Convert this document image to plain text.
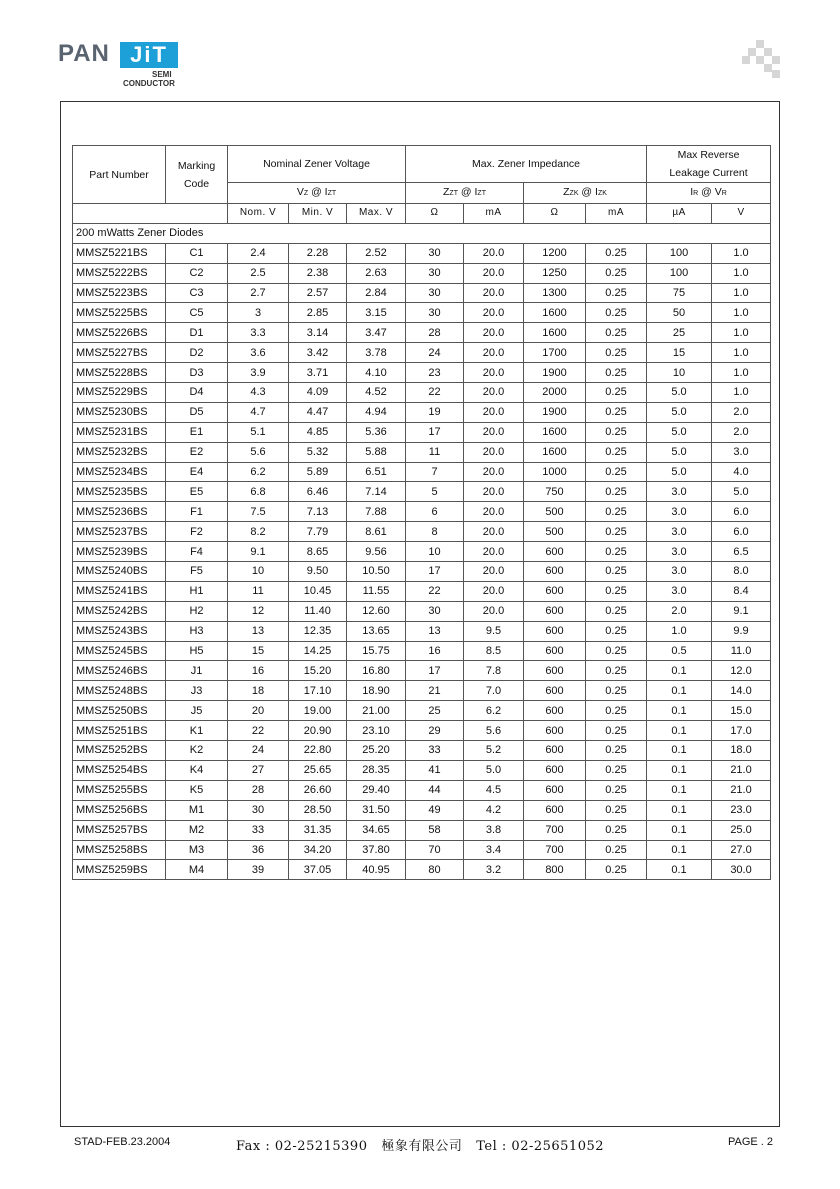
PAN JiT
SEMI
CONDUCTOR
Part Number	Marking
Code	Nominal Zener Voltage			Max. Zener Impedance				Max Reverse
Leakage Current	
		VZ @ IZT			ZZT @ IZT		ZZK @ IZK		IR @ VR	
		Nom. V	Min. V	Max. V	Ω	mA	Ω	mA	µA	V
200 mWatts Zener Diodes										
MMSZ5221BS	C1	2.4	2.28	2.52	30	20.0	1200	0.25	100	1.0
MMSZ5222BS	C2	2.5	2.38	2.63	30	20.0	1250	0.25	100	1.0
MMSZ5223BS	C3	2.7	2.57	2.84	30	20.0	1300	0.25	75	1.0
MMSZ5225BS	C5	3	2.85	3.15	30	20.0	1600	0.25	50	1.0
MMSZ5226BS	D1	3.3	3.14	3.47	28	20.0	1600	0.25	25	1.0
MMSZ5227BS	D2	3.6	3.42	3.78	24	20.0	1700	0.25	15	1.0
MMSZ5228BS	D3	3.9	3.71	4.10	23	20.0	1900	0.25	10	1.0
MMSZ5229BS	D4	4.3	4.09	4.52	22	20.0	2000	0.25	5.0	1.0
MMSZ5230BS	D5	4.7	4.47	4.94	19	20.0	1900	0.25	5.0	2.0
MMSZ5231BS	E1	5.1	4.85	5.36	17	20.0	1600	0.25	5.0	2.0
MMSZ5232BS	E2	5.6	5.32	5.88	11	20.0	1600	0.25	5.0	3.0
MMSZ5234BS	E4	6.2	5.89	6.51	7	20.0	1000	0.25	5.0	4.0
MMSZ5235BS	E5	6.8	6.46	7.14	5	20.0	750	0.25	3.0	5.0
MMSZ5236BS	F1	7.5	7.13	7.88	6	20.0	500	0.25	3.0	6.0
MMSZ5237BS	F2	8.2	7.79	8.61	8	20.0	500	0.25	3.0	6.0
MMSZ5239BS	F4	9.1	8.65	9.56	10	20.0	600	0.25	3.0	6.5
MMSZ5240BS	F5	10	9.50	10.50	17	20.0	600	0.25	3.0	8.0
MMSZ5241BS	H1	11	10.45	11.55	22	20.0	600	0.25	3.0	8.4
MMSZ5242BS	H2	12	11.40	12.60	30	20.0	600	0.25	2.0	9.1
MMSZ5243BS	H3	13	12.35	13.65	13	9.5	600	0.25	1.0	9.9
MMSZ5245BS	H5	15	14.25	15.75	16	8.5	600	0.25	0.5	11.0
MMSZ5246BS	J1	16	15.20	16.80	17	7.8	600	0.25	0.1	12.0
MMSZ5248BS	J3	18	17.10	18.90	21	7.0	600	0.25	0.1	14.0
MMSZ5250BS	J5	20	19.00	21.00	25	6.2	600	0.25	0.1	15.0
MMSZ5251BS	K1	22	20.90	23.10	29	5.6	600	0.25	0.1	17.0
MMSZ5252BS	K2	24	22.80	25.20	33	5.2	600	0.25	0.1	18.0
MMSZ5254BS	K4	27	25.65	28.35	41	5.0	600	0.25	0.1	21.0
MMSZ5255BS	K5	28	26.60	29.40	44	4.5	600	0.25	0.1	21.0
MMSZ5256BS	M1	30	28.50	31.50	49	4.2	600	0.25	0.1	23.0
MMSZ5257BS	M2	33	31.35	34.65	58	3.8	700	0.25	0.1	25.0
MMSZ5258BS	M3	36	34.20	37.80	70	3.4	700	0.25	0.1	27.0
MMSZ5259BS	M4	39	37.05	40.95	80	3.2	800	0.25	0.1	30.0
STAD-FEB.23.2004	Fax : 02-25215390   極象有限公司   Tel : 02-25651052	PAGE . 2
